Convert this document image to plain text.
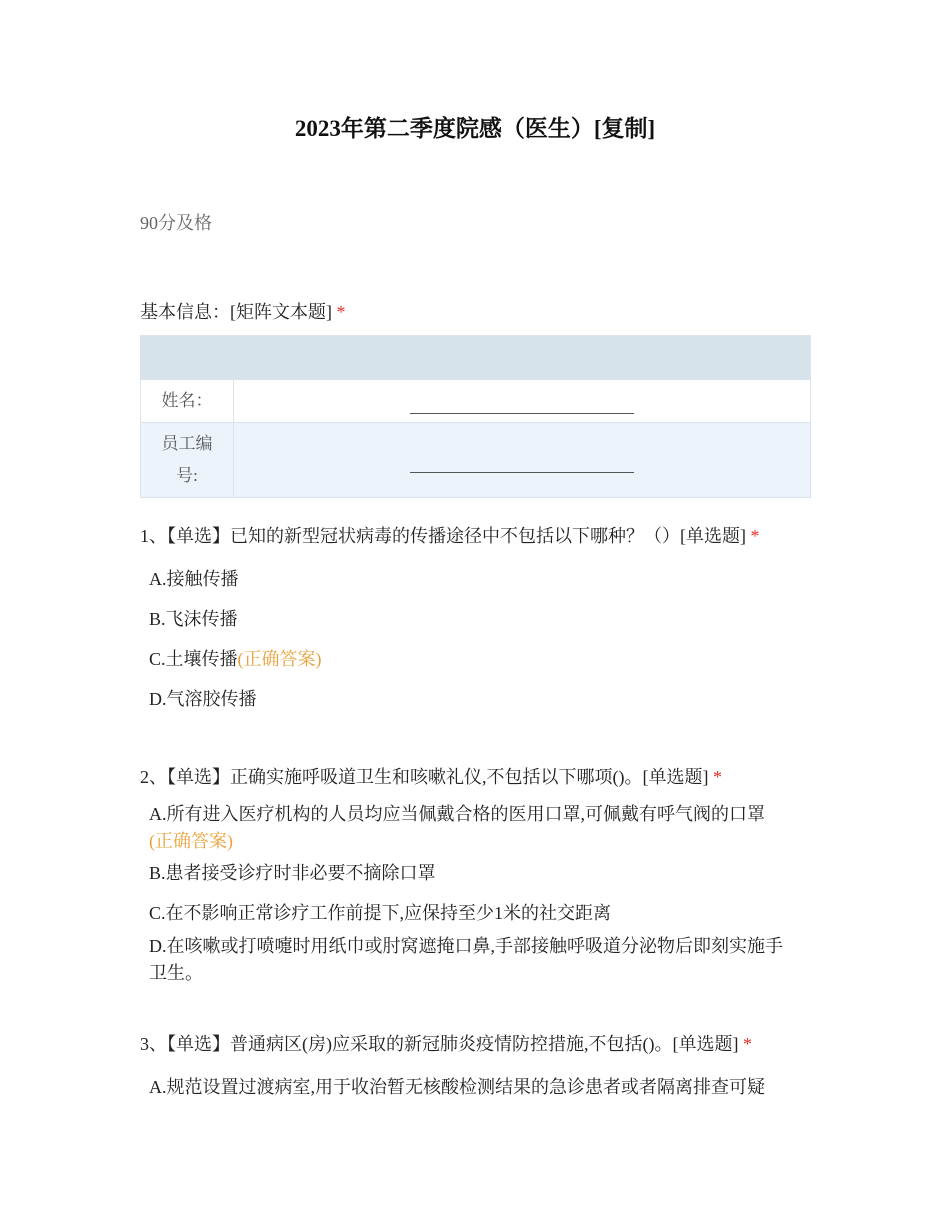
2023年第二季度院感（医生）[复制]
90分及格
基本信息：[矩阵文本题] *

姓名：	

员工编号:	

1、【单选】已知的新型冠状病毒的传播途径中不包括以下哪种？（）[单选题] *
A.接触传播
B.飞沫传播
C.土壤传播(正确答案)
D.气溶胶传播
2、【单选】正确实施呼吸道卫生和咳嗽礼仪,不包括以下哪项()。[单选题] *
A.所有进入医疗机构的人员均应当佩戴合格的医用口罩,可佩戴有呼气阀的口罩
(正确答案)
B.患者接受诊疗时非必要不摘除口罩
C.在不影响正常诊疗工作前提下,应保持至少1米的社交距离
D.在咳嗽或打喷嚏时用纸巾或肘窝遮掩口鼻,手部接触呼吸道分泌物后即刻实施手卫生。
3、【单选】普通病区(房)应采取的新冠肺炎疫情防控措施,不包括()。[单选题] *
A.规范设置过渡病室,用于收治暂无核酸检测结果的急诊患者或者隔离排查可疑
